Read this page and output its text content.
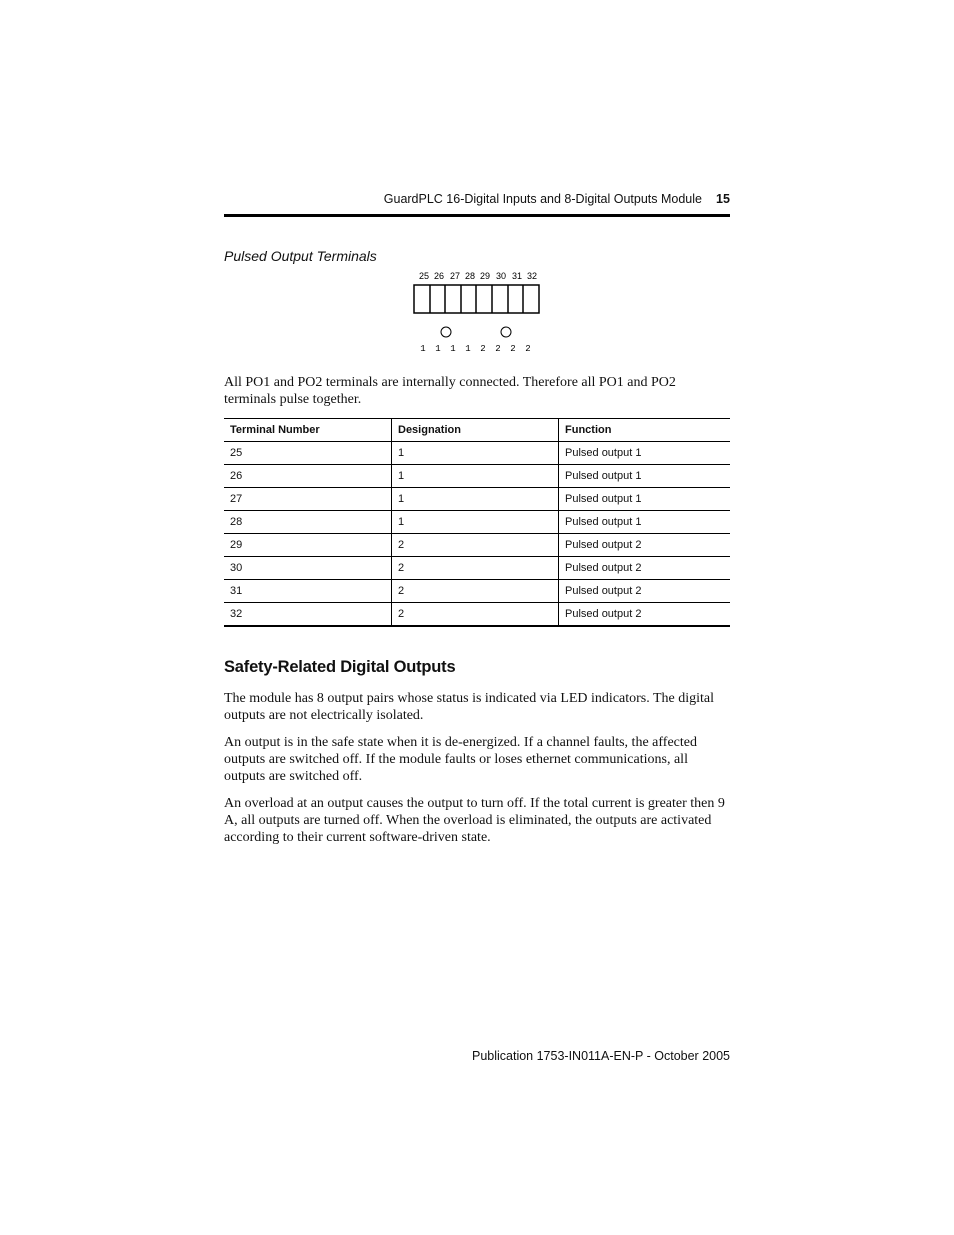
GuardPLC 16-Digital Inputs and 8-Digital Outputs Module 15
Pulsed Output Terminals
25 26 27 28 29 30 31 32
1 1 1 1 2 2 2 2

All PO1 and PO2 terminals are internally connected. Therefore all PO1 and PO2 terminals pulse together.

Terminal Number	Designation	Function
25	1	Pulsed output 1
26	1	Pulsed output 1
27	1	Pulsed output 1
28	1	Pulsed output 1
29	2	Pulsed output 2
30	2	Pulsed output 2
31	2	Pulsed output 2
32	2	Pulsed output 2
Safety-Related Digital Outputs

The module has 8 output pairs whose status is indicated via LED indicators. The digital outputs are not electrically isolated.

An output is in the safe state when it is de-energized. If a channel faults, the affected outputs are switched off. If the module faults or loses ethernet communications, all outputs are switched off.

An overload at an output causes the output to turn off. If the total current is greater then 9 A, all outputs are turned off. When the overload is eliminated, the outputs are activated according to their current software-driven state.

Publication 1753-IN011A-EN-P - October 2005
